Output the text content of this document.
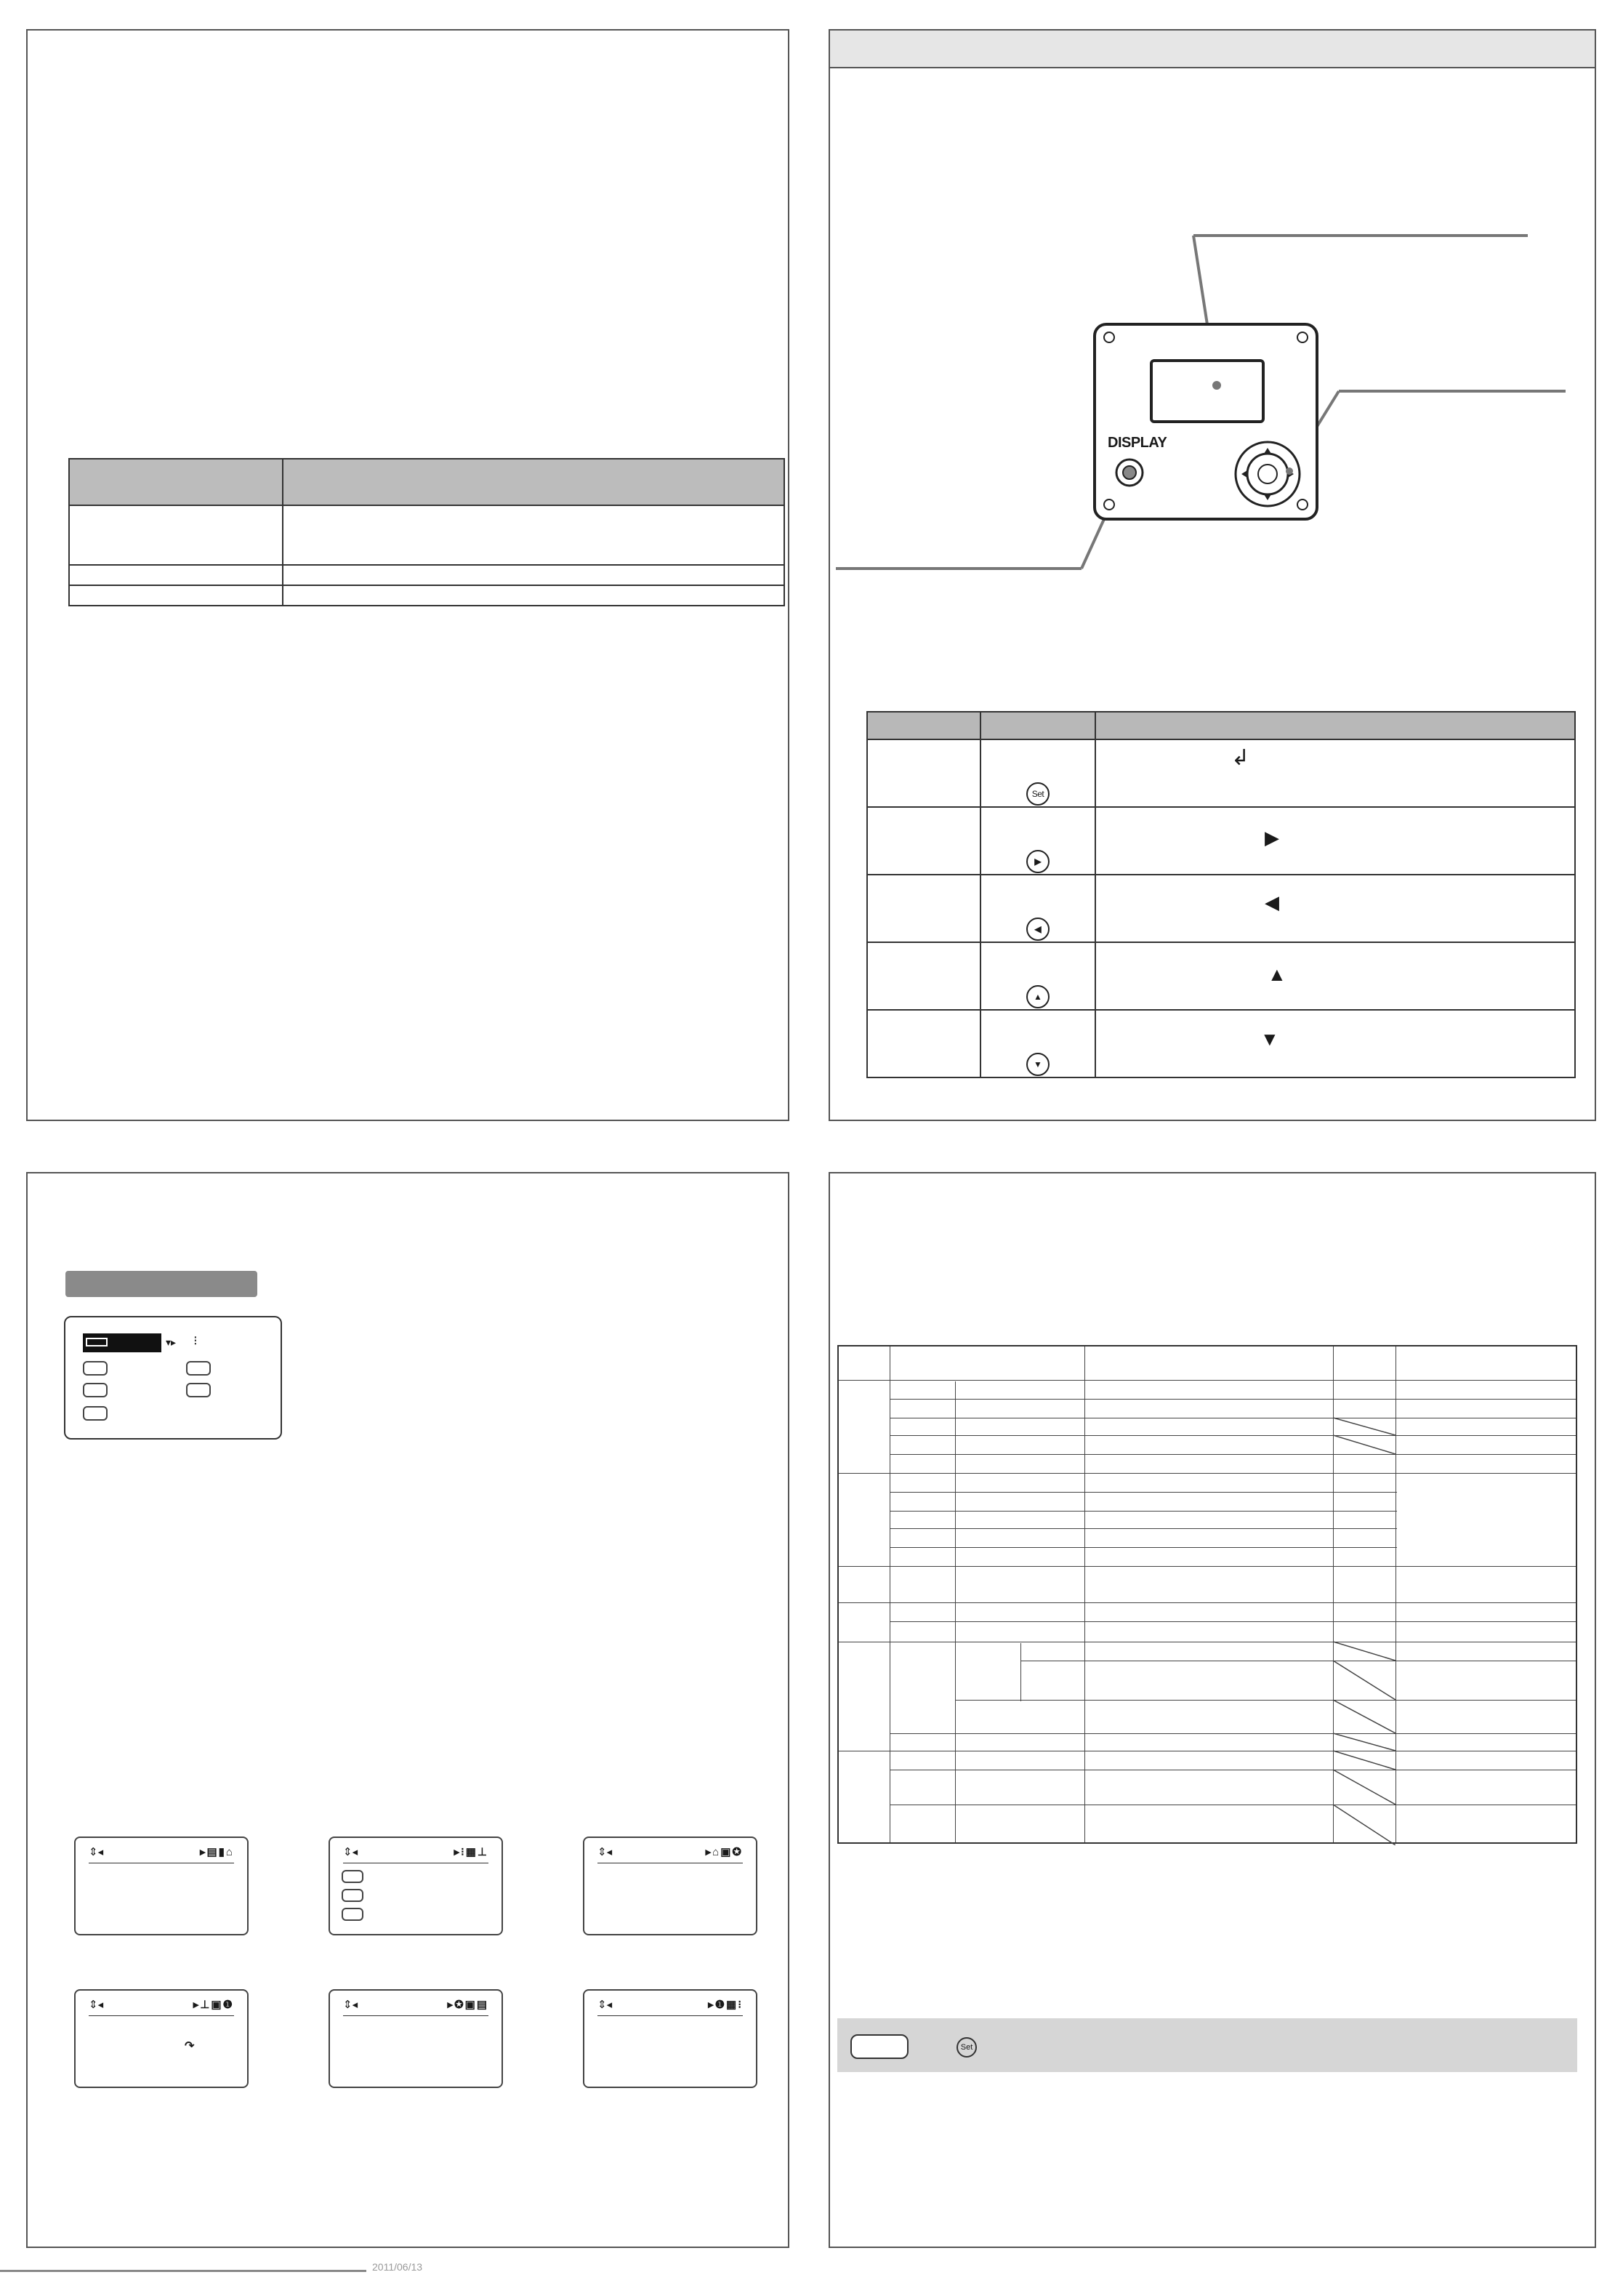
DISPLAY

	Set	↲

	▶	▶

	◀	◀

	▲	▲

	▼	▼
▾▸ ⁝
⇕◂	▸▤▮⌂	⇕◂	▸⁝▦⊥	⇕◂	▸⌂▣✪
⇕◂	▸⊥▣❶
↷
⇕◂	▸✪▣▤	⇕◂	▸❶▦⁝
Set
2011/06/13
